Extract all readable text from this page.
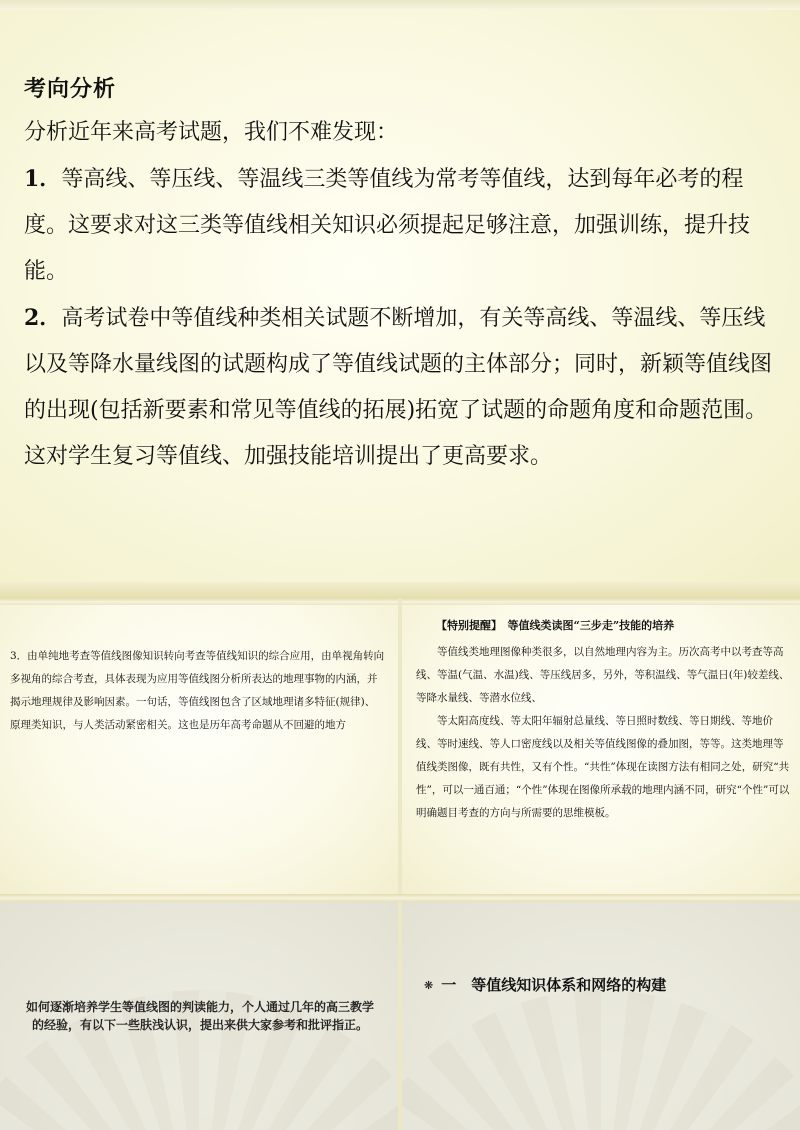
考向分析

分析近年来高考试题，我们不难发现：

1．等高线、等压线、等温线三类等值线为常考等值线，达到每年必考的程度。这要求对这三类等值线相关知识必须提起足够注意，加强训练，提升技能。

2．高考试卷中等值线种类相关试题不断增加，有关等高线、等温线、等压线以及等降水量线图的试题构成了等值线试题的主体部分；同时，新颖等值线图的出现(包括新要素和常见等值线的拓展)拓宽了试题的命题角度和命题范围。这对学生复习等值线、加强技能培训提出了更高要求。

3．由单纯地考查等值线图像知识转向考查等值线知识的综合应用，由单视角转向多视角的综合考查，具体表现为应用等值线图分析所表达的地理事物的内涵，并揭示地理规律及影响因素。一句话，等值线图包含了区域地理诸多特征(规律)、原理类知识，与人类活动紧密相关。这也是历年高考命题从不回避的地方
【特别提醒】　等值线类读图“三步走”技能的培养

等值线类地理图像种类很多，以自然地理内容为主。历次高考中以考查等高线、等温(气温、水温)线、等压线居多，另外，等积温线、等气温日(年)较差线、等降水量线、等潜水位线、

等太阳高度线、等太阳年辐射总量线、等日照时数线、等日期线、等地价线、等时速线、等人口密度线以及相关等值线图像的叠加图，等等。这类地理等值线类图像，既有共性，又有个性。“共性”体现在读图方法有相同之处，研究“共性”，可以一通百通；“个性”体现在图像所承载的地理内涵不同，研究“个性”可以明确题目考查的方向与所需要的思维模板。

如何逐渐培养学生等值线图的判读能力，个人通过几年的高三教学的经验，有以下一些肤浅认识，提出来供大家参考和批评指正。
❋ 一　等值线知识体系和网络的构建
